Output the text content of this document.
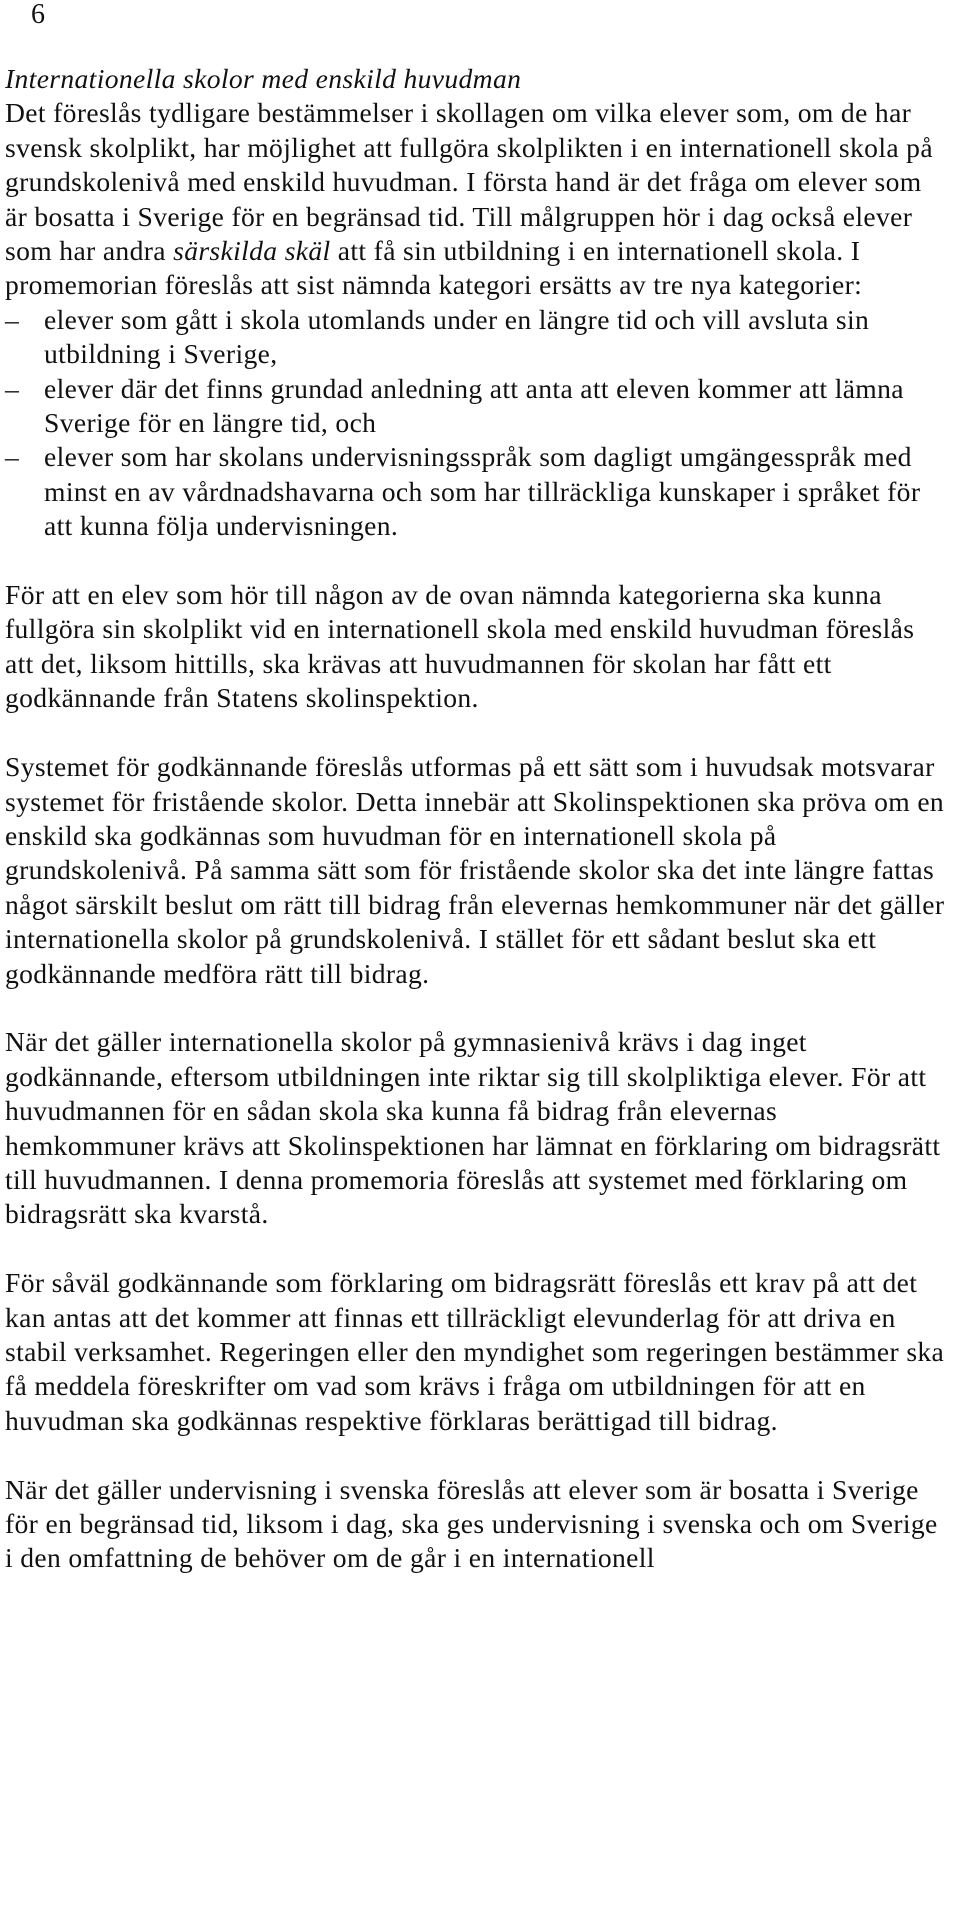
6
Internationella skolor med enskild huvudman

Det föreslås tydligare bestämmelser i skollagen om vilka elever som, om de har svensk skolplikt, har möjlighet att fullgöra skolplikten i en internationell skola på grundskolenivå med enskild huvudman. I första hand är det fråga om elever som är bosatta i Sverige för en begränsad tid. Till målgruppen hör i dag också elever som har andra särskilda skäl att få sin utbildning i en internationell skola. I promemorian föreslås att sist nämnda kategori ersätts av tre nya kategorier:

– elever som gått i skola utomlands under en längre tid och vill avsluta sin utbildning i Sverige,
– elever där det finns grundad anledning att anta att eleven kommer att lämna Sverige för en längre tid, och
– elever som har skolans undervisningsspråk som dagligt umgängesspråk med minst en av vårdnadshavarna och som har tillräckliga kunskaper i språket för att kunna följa undervisningen.

För att en elev som hör till någon av de ovan nämnda kategorierna ska kunna fullgöra sin skolplikt vid en internationell skola med enskild huvudman föreslås att det, liksom hittills, ska krävas att huvudmannen för skolan har fått ett godkännande från Statens skolinspektion.

Systemet för godkännande föreslås utformas på ett sätt som i huvudsak motsvarar systemet för fristående skolor. Detta innebär att Skolinspektionen ska pröva om en enskild ska godkännas som huvudman för en internationell skola på grundskolenivå. På samma sätt som för fristående skolor ska det inte längre fattas något särskilt beslut om rätt till bidrag från elevernas hemkommuner när det gäller internationella skolor på grundskolenivå. I stället för ett sådant beslut ska ett godkännande medföra rätt till bidrag.

När det gäller internationella skolor på gymnasienivå krävs i dag inget godkännande, eftersom utbildningen inte riktar sig till skolpliktiga elever. För att huvudmannen för en sådan skola ska kunna få bidrag från elevernas hemkommuner krävs att Skolinspektionen har lämnat en förklaring om bidragsrätt till huvudmannen. I denna promemoria föreslås att systemet med förklaring om bidragsrätt ska kvarstå.

För såväl godkännande som förklaring om bidragsrätt föreslås ett krav på att det kan antas att det kommer att finnas ett tillräckligt elevunderlag för att driva en stabil verksamhet. Regeringen eller den myndighet som regeringen bestämmer ska få meddela föreskrifter om vad som krävs i fråga om utbildningen för att en huvudman ska godkännas respektive förklaras berättigad till bidrag.

När det gäller undervisning i svenska föreslås att elever som är bosatta i Sverige för en begränsad tid, liksom i dag, ska ges undervisning i svenska och om Sverige i den omfattning de behöver om de går i en internationell
